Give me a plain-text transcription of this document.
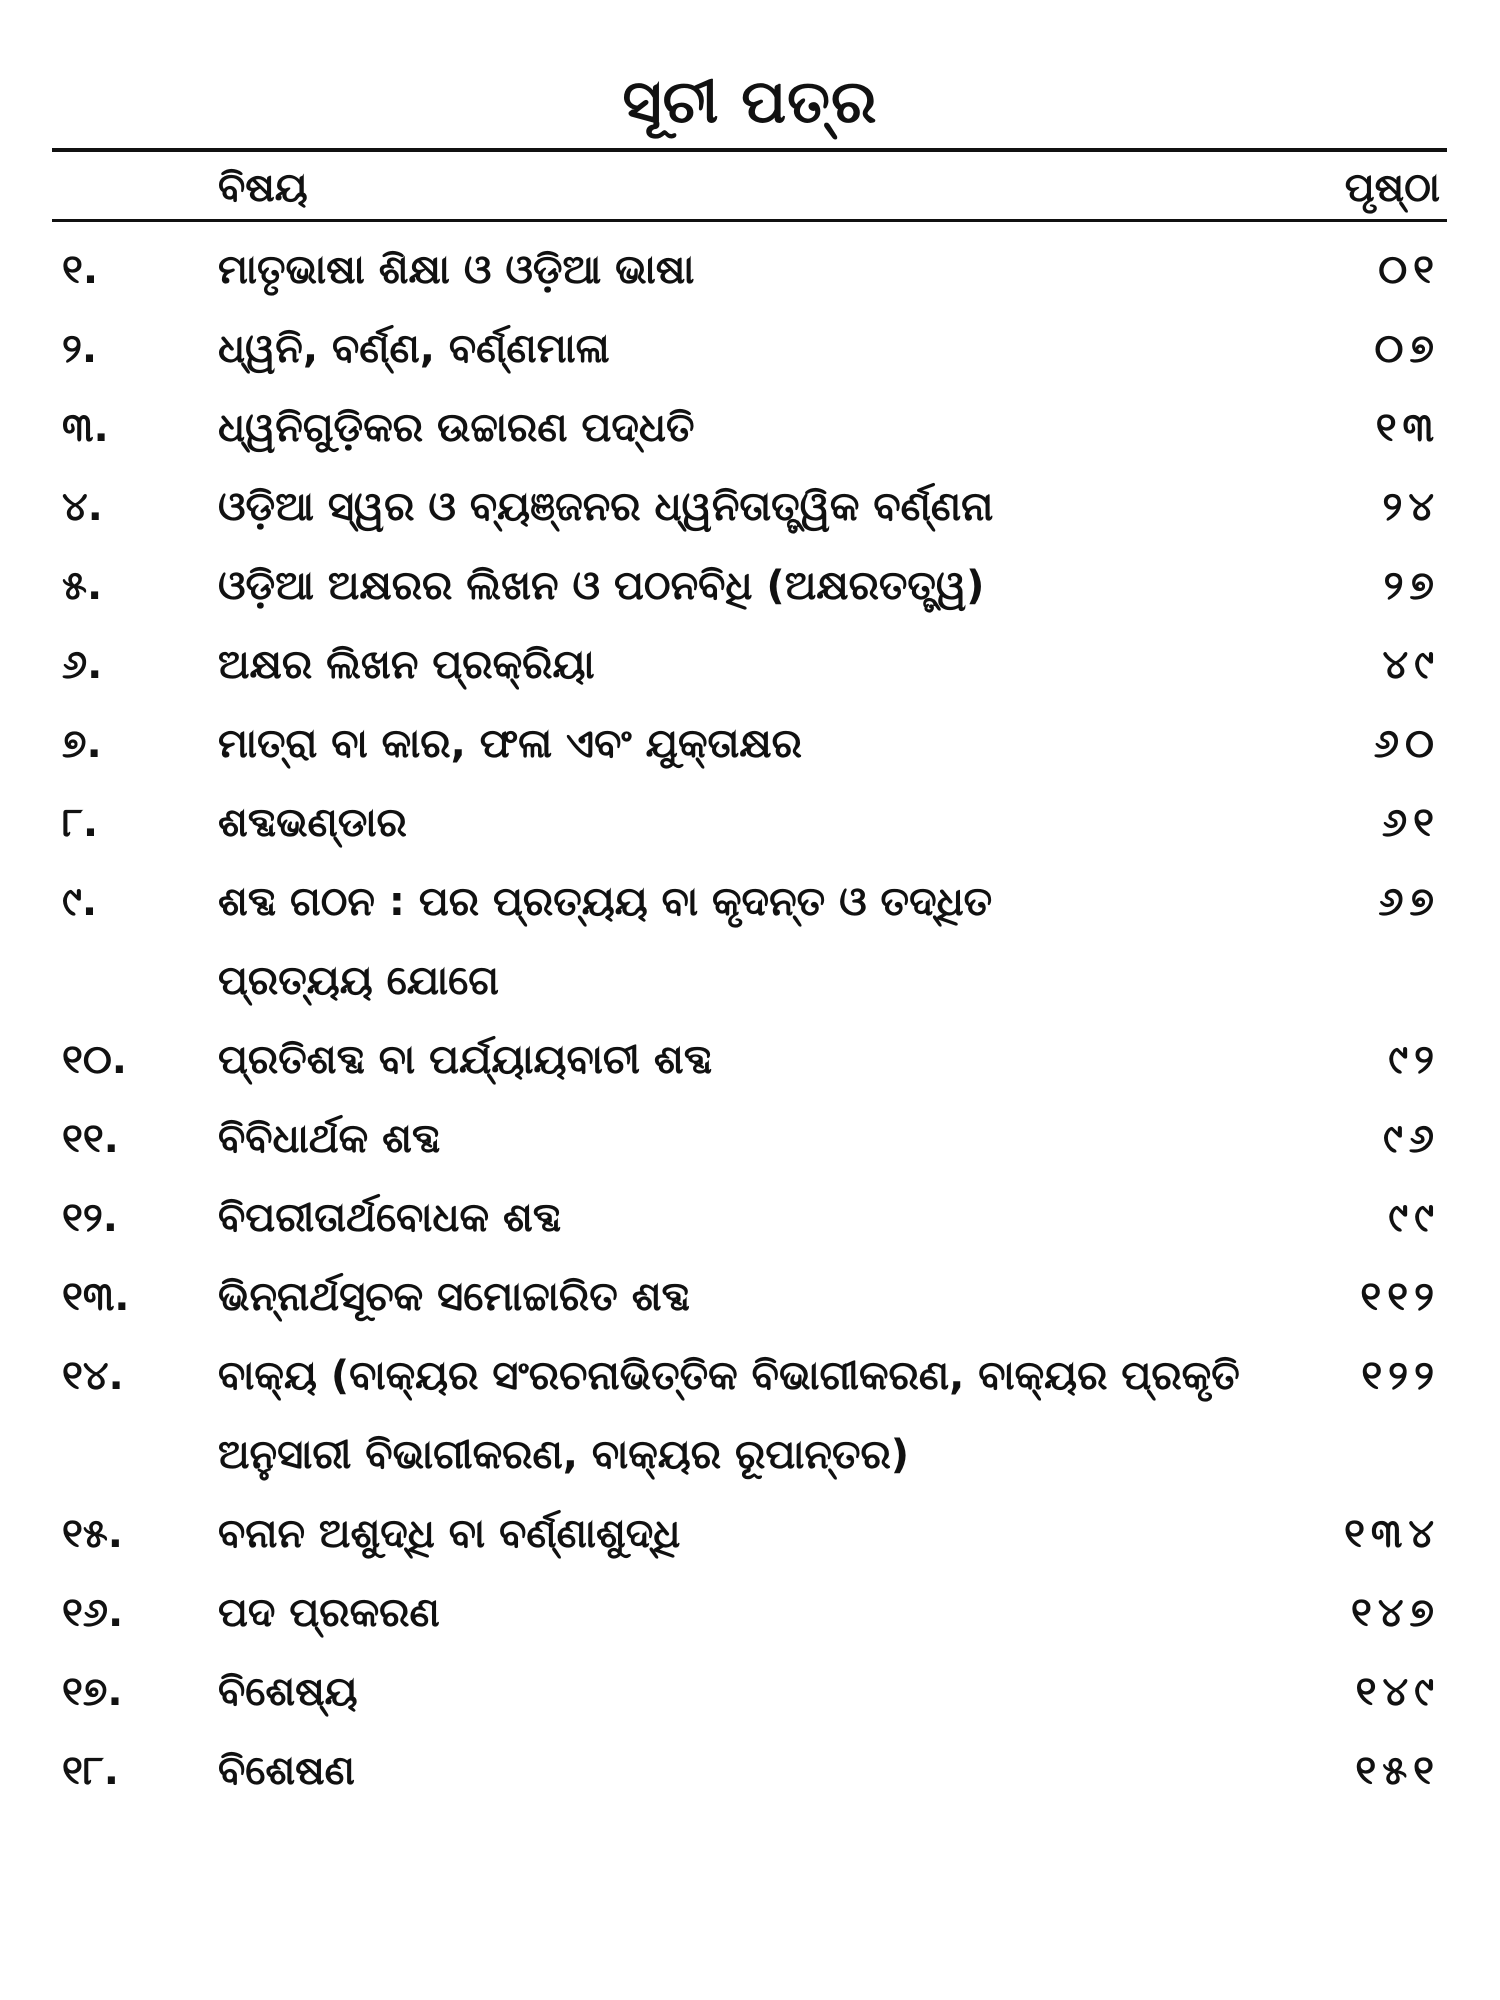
ସୂଚୀ ପତ୍ର
ବିଷୟ	ପୃଷ୍ଠା
୧.	ମାତୃଭାଷା ଶିକ୍ଷା ଓ ଓଡ଼ିଆ ଭାଷା	୦୧
୨.	ଧ୍ୱନି, ବର୍ଣ୍ଣ, ବର୍ଣ୍ଣମାଳା	୦୭
୩.	ଧ୍ୱନିଗୁଡ଼ିକର ଉଚ୍ଚାରଣ ପଦ୍ଧତି	୧୩
୪.	ଓଡ଼ିଆ ସ୍ୱର ଓ ବ୍ୟଞ୍ଜନର ଧ୍ୱନିତାତ୍ତ୍ୱିକ ବର୍ଣ୍ଣନା	୨୪
୫.	ଓଡ଼ିଆ ଅକ୍ଷରର ଲିଖନ ଓ ପଠନବିଧି (ଅକ୍ଷରତତ୍ତ୍ୱ)	୨୭
୬.	ଅକ୍ଷର ଲିଖନ ପ୍ରକ୍ରିୟା	୪୯
୭.	ମାତ୍ରା ବା କାର, ଫଳା ଏବଂ ଯୁକ୍ତାକ୍ଷର	୬୦
୮.	ଶବ୍ଦଭଣ୍ଡାର	୬୧
୯.	ଶବ୍ଦ ଗଠନ : ପର ପ୍ରତ୍ୟୟ ବା କୃଦନ୍ତ ଓ ତଦ୍ଧିତ ପ୍ରତ୍ୟୟ ଯୋଗେ
୬୭
୧୦. ପ୍ରତିଶବ୍ଦ ବା ପର୍ଯ୍ୟାୟବାଚୀ ଶବ୍ଦ	୯୨
୧୧. ବିବିଧାର୍ଥକ ଶବ୍ଦ	୯୬
୧୨.	ବିପରୀତାର୍ଥବୋଧକ ଶବ୍ଦ	୯୯
୧୩. ଭିନ୍ନାର୍ଥସୂଚକ ସମୋଚ୍ଚାରିତ ଶବ୍ଦ	୧୧୨
୧୪. ବାକ୍ୟ (ବାକ୍ୟର ସଂରଚନାଭିତ୍ତିକ ବିଭାଗୀକରଣ, ବାକ୍ୟର ପ୍ରକୃତି ଅନୁସାରୀ ବିଭାଗୀକରଣ, ବାକ୍ୟର ରୂପାନ୍ତର)
୧୨୨
୧୫. ବନାନ ଅଶୁଦ୍ଧି ବା ବର୍ଣ୍ଣାଶୁଦ୍ଧି	୧୩୪
୧୬. ପଦ ପ୍ରକରଣ	୧୪୭
୧୭. ବିଶେଷ୍ୟ	୧୪୯
୧୮. ବିଶେଷଣ	୧୫୧
